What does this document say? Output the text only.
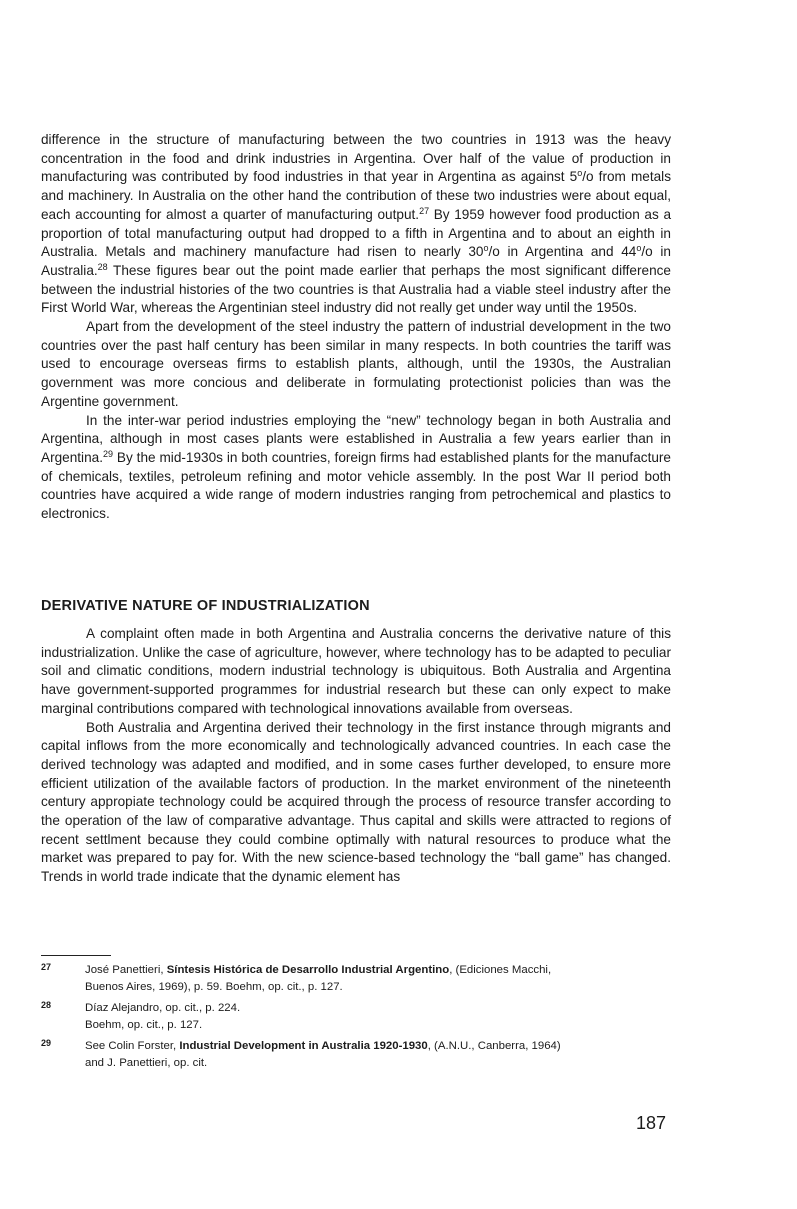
difference in the structure of manufacturing between the two countries in 1913 was the heavy concentration in the food and drink industries in Argentina. Over half of the value of production in manufacturing was contributed by food industries in that year in Argentina as against 5$^o$/o from metals and machinery. In Australia on the other hand the contribution of these two industries were about equal, each accounting for almost a quarter of manufacturing output.$^{27}$ By 1959 however food production as a proportion of total manufacturing output had dropped to a fifth in Argentina and to about an eighth in Australia. Metals and machinery manufacture had risen to nearly 30$^o$/o in Argentina and 44$^o$/o in Australia.$^{28}$ These figures bear out the point made earlier that perhaps the most significant difference between the industrial histories of the two countries is that Australia had a viable steel industry after the First World War, whereas the Argentinian steel industry did not really get under way until the 1950s.

Apart from the development of the steel industry the pattern of industrial development in the two countries over the past half century has been similar in many respects. In both countries the tariff was used to encourage overseas firms to establish plants, although, until the 1930s, the Australian government was more concious and deliberate in formulating protectionist policies than was the Argentine government.

In the inter-war period industries employing the “new” technology began in both Australia and Argentina, although in most cases plants were established in Australia a few years earlier than in Argentina.$^{29}$ By the mid-1930s in both countries, foreign firms had established plants for the manufacture of chemicals, textiles, petroleum refining and motor vehicle assembly. In the post War II period both countries have acquired a wide range of modern industries ranging from petrochemical and plastics to electronics.

DERIVATIVE NATURE OF INDUSTRIALIZATION

A complaint often made in both Argentina and Australia concerns the derivative nature of this industrialization. Unlike the case of agriculture, however, where technology has to be adapted to peculiar soil and climatic conditions, modern industrial technology is ubiquitous. Both Australia and Argentina have government-supported programmes for industrial research but these can only expect to make marginal contributions compared with technological innovations available from overseas.

Both Australia and Argentina derived their technology in the first instance through migrants and capital inflows from the more economically and technologically advanced countries. In each case the derived technology was adapted and modified, and in some cases further developed, to ensure more efficient utilization of the available factors of production. In the market environment of the nineteenth century appropiate technology could be acquired through the process of resource transfer according to the operation of the law of comparative advantage. Thus capital and skills were attracted to regions of recent settlment because they could combine optimally with natural resources to produce what the market was prepared to pay for. With the new science-based technology the “ball game” has changed. Trends in world trade indicate that the dynamic element has

27	José Panettieri, Síntesis Histórica de Desarrollo Industrial Argentino, (Ediciones Macchi,
Buenos Aires, 1969), p. 59. Boehm, op. cit., p. 127.
28	Díaz Alejandro, op. cit., p. 224.
Boehm, op. cit., p. 127.
29	See Colin Forster, Industrial Development in Australia 1920-1930, (A.N.U., Canberra, 1964)
and J. Panettieri, op. cit.

187
